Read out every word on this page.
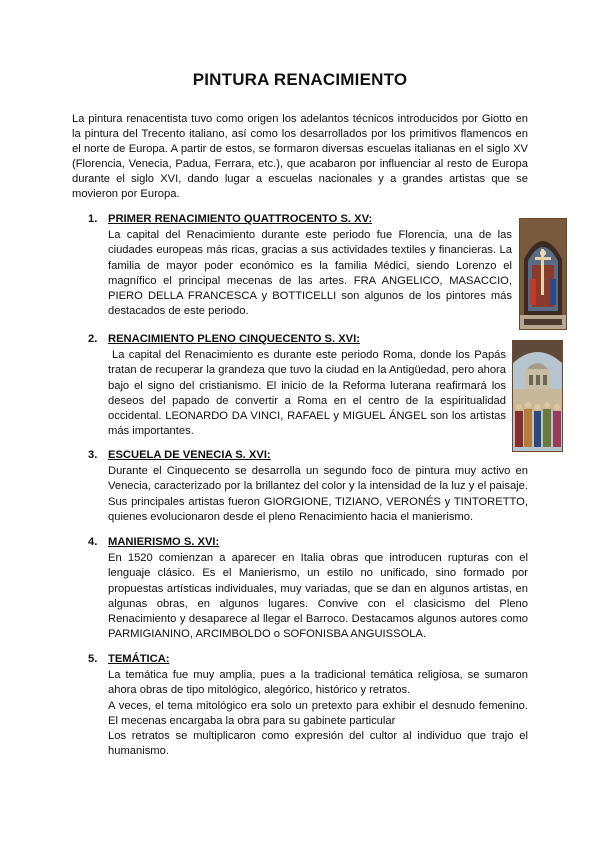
PINTURA RENACIMIENTO
La pintura renacentista tuvo como origen los adelantos técnicos introducidos por Giotto en la pintura del Trecento italiano, así como los desarrollados por los primitivos flamencos en el norte de Europa. A partir de estos, se formaron diversas escuelas italianas en el siglo XV (Florencia, Venecia, Padua, Ferrara, etc.), que acabaron por influenciar al resto de Europa durante el siglo XVI, dando lugar a escuelas nacionales y a grandes artistas que se movieron por Europa.
1. PRIMER RENACIMIENTO QUATTROCENTO S. XV:

La capital del Renacimiento durante este periodo fue Florencia, una de las ciudades europeas más ricas, gracias a sus actividades textiles y financieras. La familia de mayor poder económico es la familia Médici, siendo Lorenzo el magnífico el principal mecenas de las artes. FRA ANGELICO, MASACCIO, PIERO DELLA FRANCESCA y BOTTICELLI son algunos de los pintores más destacados de este periodo.

2. RENACIMIENTO PLENO CINQUECENTO S. XVI:

La capital del Renacimiento es durante este periodo Roma, donde los Papás tratan de recuperar la grandeza que tuvo la ciudad en la Antigüedad, pero ahora bajo el signo del cristianismo. El inicio de la Reforma luterana reafirmará los deseos del papado de convertir a Roma en el centro de la espiritualidad occidental. LEONARDO DA VINCI, RAFAEL y MIGUEL ÁNGEL son los artistas más importantes.

3. ESCUELA DE VENECIA S. XVI:

Durante el Cinquecento se desarrolla un segundo foco de pintura muy activo en Venecia, caracterizado por la brillantez del color y la intensidad de la luz y el paisaje. Sus principales artistas fueron GIORGIONE, TIZIANO, VERONÉS y TINTORETTO, quienes evolucionaron desde el pleno Renacimiento hacia el manierismo.

4. MANIERISMO S. XVI:

En 1520 comienzan a aparecer en Italia obras que introducen rupturas con el lenguaje clásico. Es el Manierismo, un estilo no unificado, sino formado por propuestas artísticas individuales, muy variadas, que se dan en algunos artistas, en algunas obras, en algunos lugares. Convive con el clasicismo del Pleno Renacimiento y desaparece al llegar el Barroco. Destacamos algunos autores como PARMIGIANINO, ARCIMBOLDO o SOFONISBA ANGUISSOLA.

5. TEMÁTICA:

La temática fue muy amplia, pues a la tradicional temática religiosa, se sumaron ahora obras de tipo mitológico, alegórico, histórico y retratos.

A veces, el tema mitológico era solo un pretexto para exhibir el desnudo femenino. El mecenas encargaba la obra para su gabinete particular

Los retratos se multiplicaron como expresión del cultor al individuo que trajo el humanismo.
